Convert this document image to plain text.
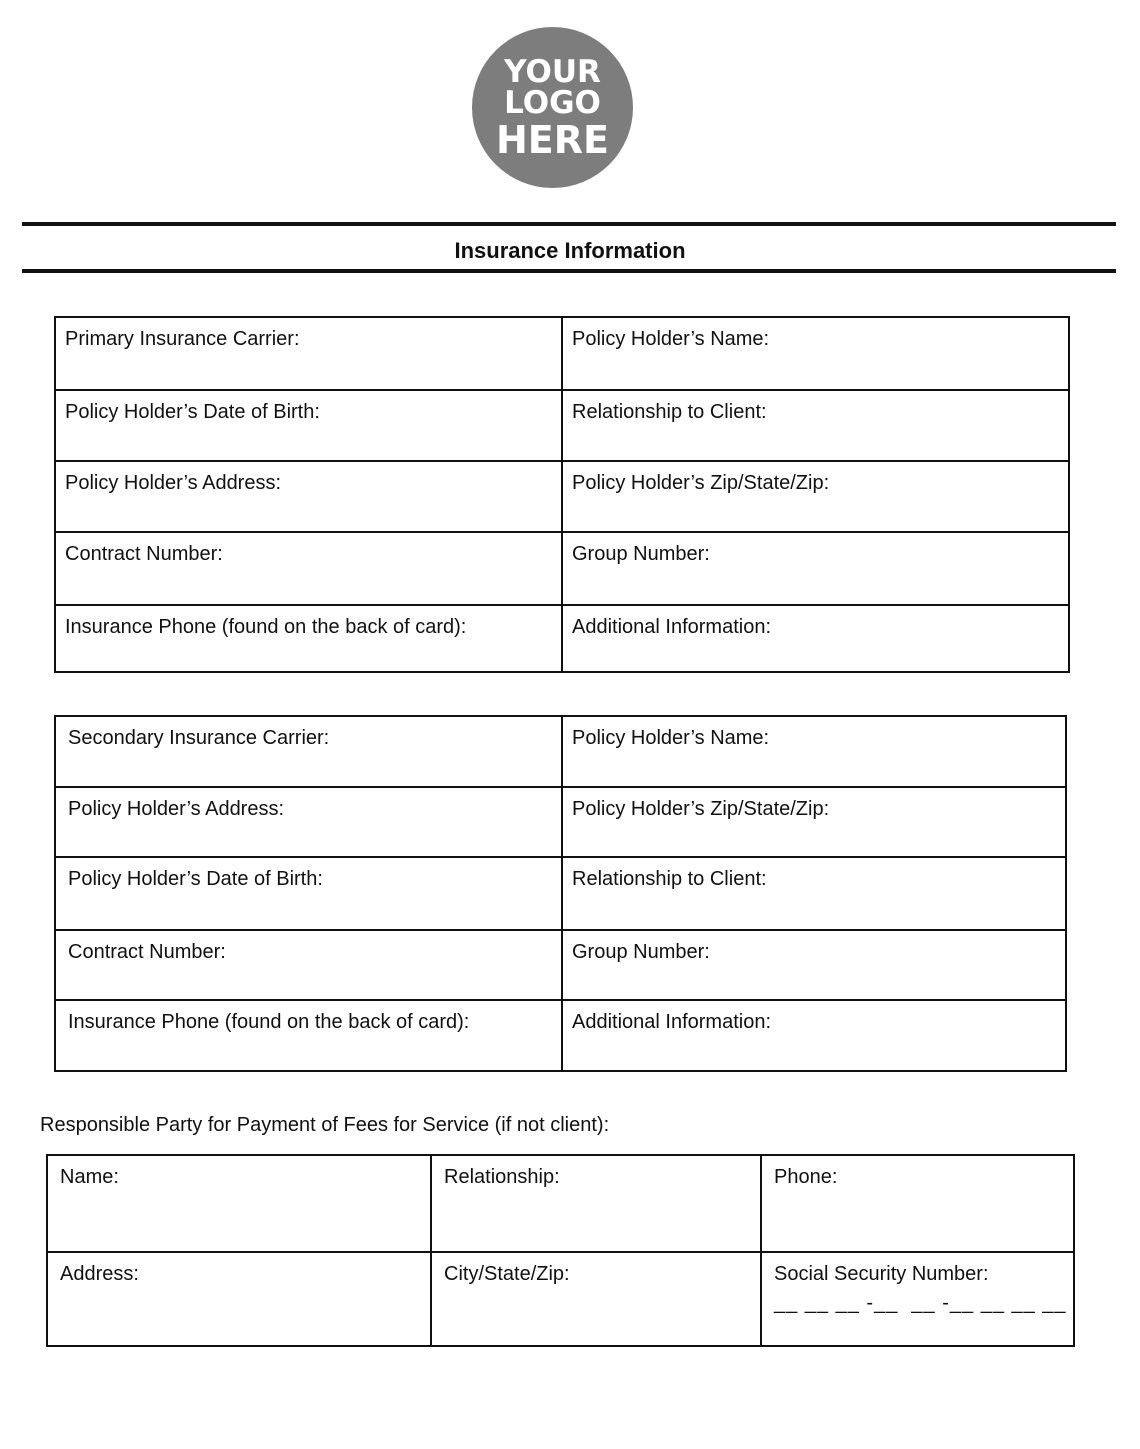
YOUR
LOGO
HERE
Insurance Information
Primary Insurance Carrier:	Policy Holder’s Name:
Policy Holder’s Date of Birth:	Relationship to Client:
Policy Holder’s Address:	Policy Holder’s Zip/State/Zip:
Contract Number:	Group Number:
Insurance Phone (found on the back of card):	Additional Information:
Secondary Insurance Carrier:	Policy Holder’s Name:
Policy Holder’s Address:	Policy Holder’s Zip/State/Zip:
Policy Holder’s Date of Birth:	Relationship to Client:
Contract Number:	Group Number:
Insurance Phone (found on the back of card):	Additional Information:
Responsible Party for Payment of Fees for Service (if not client):
Name:	Relationship:	Phone:
Address:	City/State/Zip:	Social Security Number:
__ __ __ -__  __ -__ __ __ __
